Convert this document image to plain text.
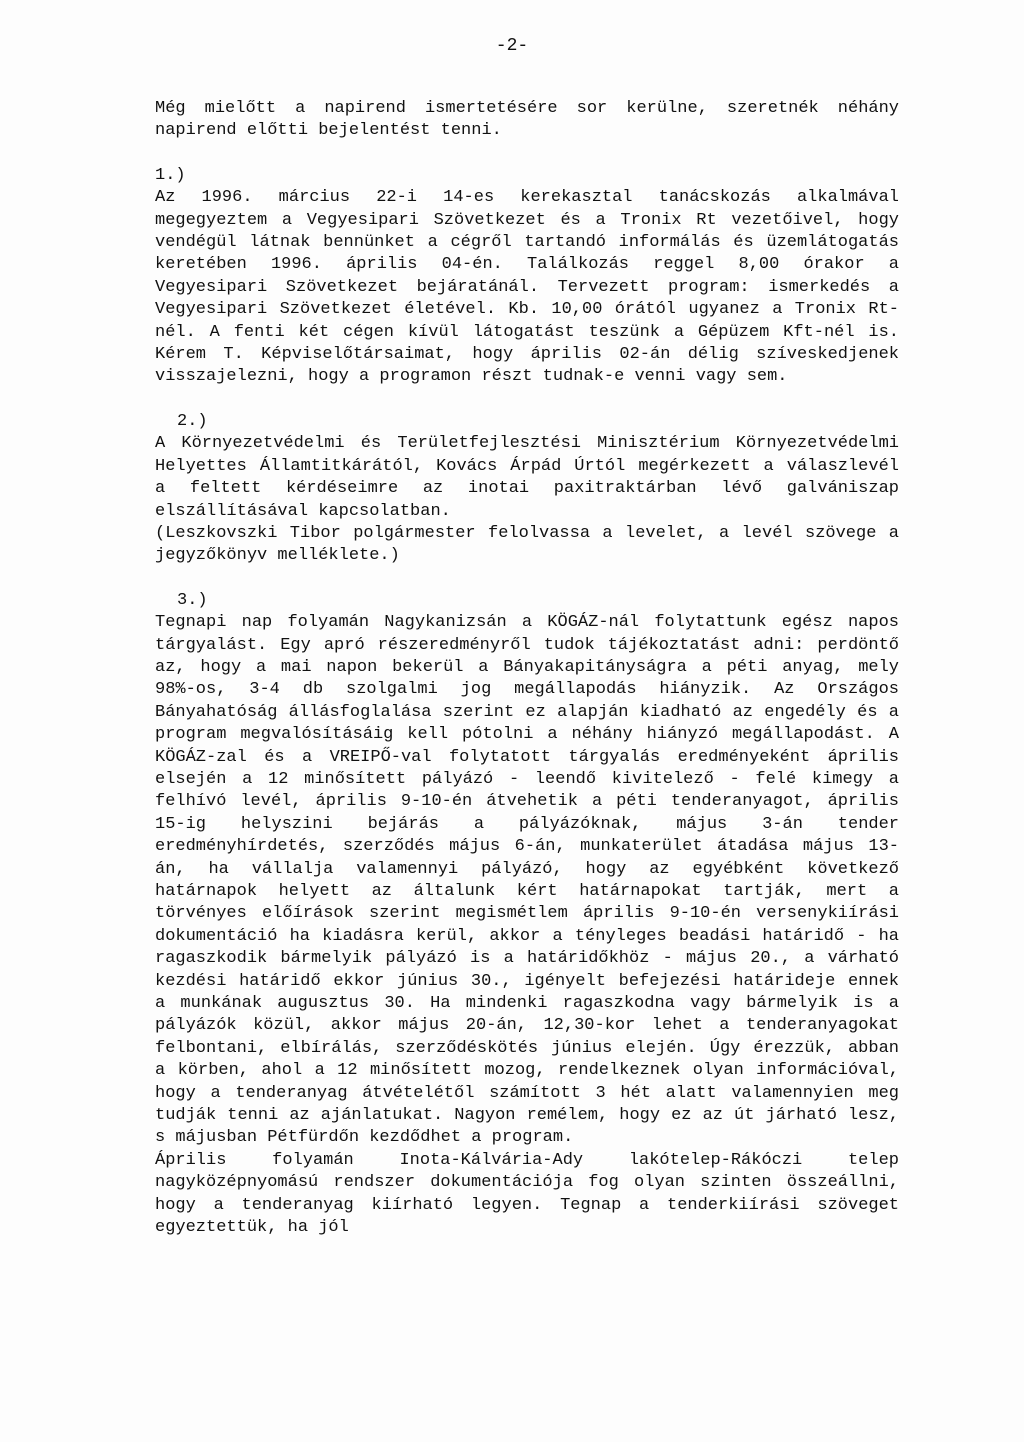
-2-

Még mielőtt a napirend ismertetésére sor kerülne, szeretnék néhány napirend előtti bejelentést tenni.

1.)

Az 1996. március 22-i 14-es kerekasztal tanácskozás alkalmával megegyeztem a Vegyesipari Szövetkezet és a Tronix Rt vezetőivel, hogy vendégül látnak bennünket a cégről tartandó informálás és üzemlátogatás keretében 1996. április 04-én. Találkozás reggel 8,00 órakor a Vegyesipari Szövetkezet bejáratánál. Tervezett program: ismerkedés a Vegyesipari Szövetkezet életével. Kb. 10,00 órától ugyanez a Tronix Rt-nél. A fenti két cégen kívül látogatást teszünk a Gépüzem Kft-nél is. Kérem T. Képviselőtársaimat, hogy április 02-án délig szíveskedjenek visszajelezni, hogy a programon részt tudnak-e venni vagy sem.

2.)

A Környezetvédelmi és Területfejlesztési Minisztérium Környezetvédelmi Helyettes Államtitkárától, Kovács Árpád Úrtól megérkezett a válaszlevél a feltett kérdéseimre az inotai paxitraktárban lévő galvániszap elszállításával kapcsolatban.

(Leszkovszki Tibor polgármester felolvassa a levelet, a levél szövege a jegyzőkönyv melléklete.)

3.)

Tegnapi nap folyamán Nagykanizsán a KÖGÁZ-nál folytattunk egész napos tárgyalást. Egy apró részeredményről tudok tájékoztatást adni: perdöntő az, hogy a mai napon bekerül a Bányakapitányságra a péti anyag, mely 98%-os, 3-4 db szolgalmi jog megállapodás hiányzik. Az Országos Bányahatóság állásfoglalása szerint ez alapján kiadható az engedély és a program megvalósításáig kell pótolni a néhány hiányzó megállapodást. A KÖGÁZ-zal és a VREIPŐ-val folytatott tárgyalás eredményeként április elsején a 12 minősített pályázó - leendő kivitelező - felé kimegy a felhívó levél, április 9-10-én átvehetik a péti tenderanyagot, április 15-ig helyszini bejárás a pályázóknak, május 3-án tender eredményhírdetés, szerződés május 6-án, munkaterület átadása május 13-án, ha vállalja valamennyi pályázó, hogy az egyébként következő határnapok helyett az általunk kért határnapokat tartják, mert a törvényes előírások szerint megismétlem április 9-10-én versenykiírási dokumentáció ha kiadásra kerül, akkor a tényleges beadási határidő - ha ragaszkodik bármelyik pályázó is a határidőkhöz - május 20., a várható kezdési határidő ekkor június 30., igényelt befejezési határideje ennek a munkának augusztus 30. Ha mindenki ragaszkodna vagy bármelyik is a pályázók közül, akkor május 20-án, 12,30-kor lehet a tenderanyagokat felbontani, elbírálás, szerződéskötés június elején. Úgy érezzük, abban a körben, ahol a 12 minősített mozog, rendelkeznek olyan információval, hogy a tenderanyag átvételétől számított 3 hét alatt valamennyien meg tudják tenni az ajánlatukat. Nagyon remélem, hogy ez az út járható lesz, s májusban Pétfürdőn kezdődhet a program.

Április folyamán Inota-Kálvária-Ady lakótelep-Rákóczi telep nagyközépnyomású rendszer dokumentációja fog olyan szinten összeállni, hogy a tenderanyag kiírható legyen. Tegnap a tenderkiírási szöveget egyeztettük, ha jól
